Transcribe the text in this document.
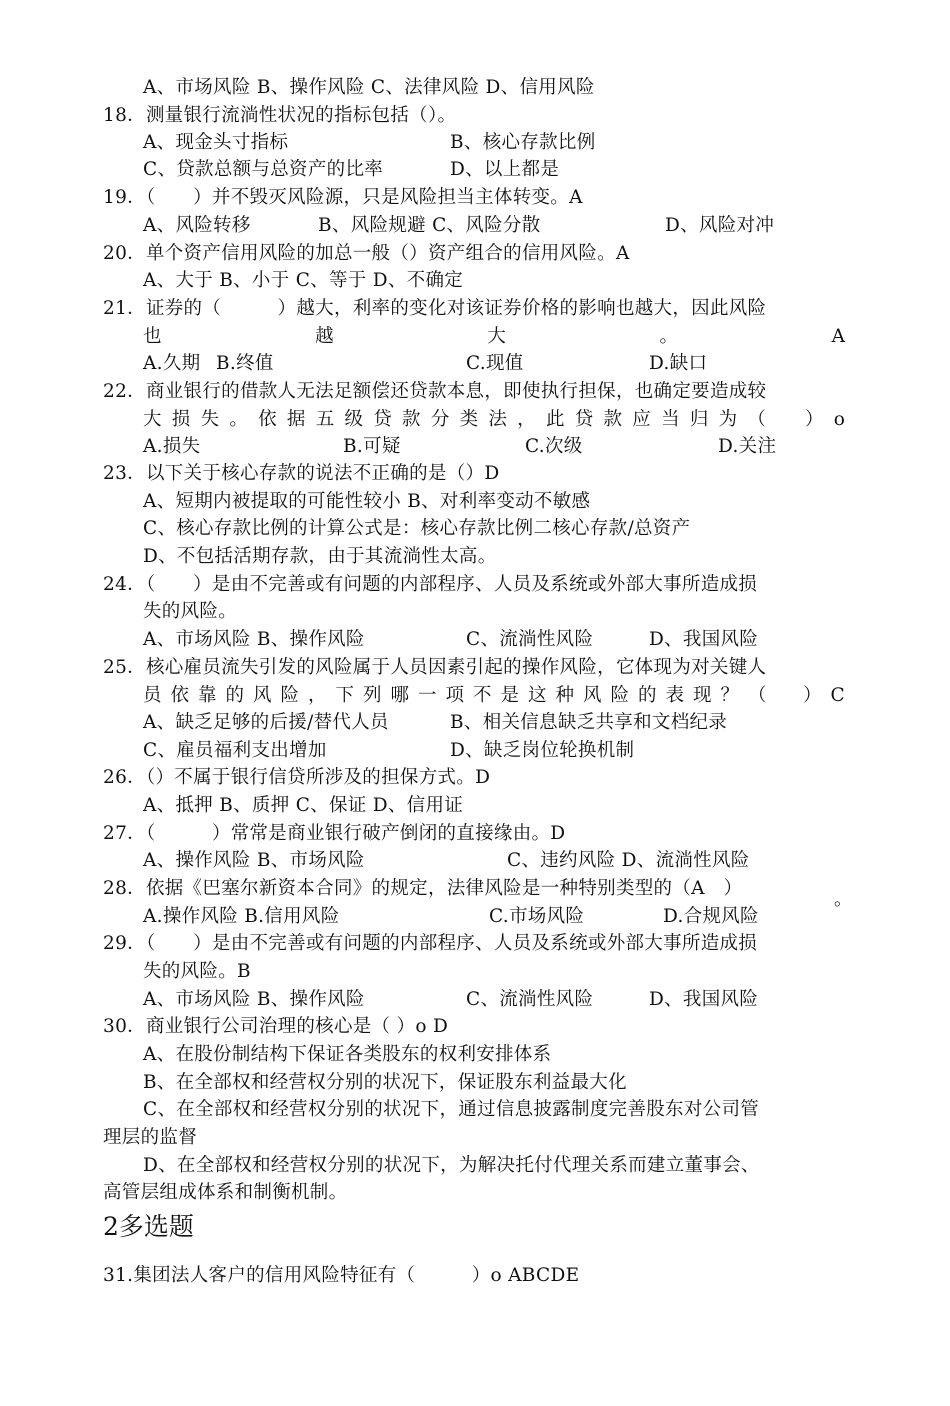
A、市场风险 B、操作风险 C、法律风险 D、信用风险
18．测量银行流淌性状况的指标包括（）。
A、现金头寸指标	B、核心存款比例
C、贷款总额与总资产的比率	D、以上都是
19．（　　）并不毁灭风险源，只是风险担当主体转变。A
A、风险转移	B、风险规避 C、风险分散	D、风险对冲
20．单个资产信用风险的加总一般（）资产组合的信用风险。A
A、大于 B、小于 C、等于 D、不确定
21．证券的（　　　）越大，利率的变化对该证券价格的影响也越大，因此风险
A.久期 B.终值	C.现值	D.缺口
22．商业银行的借款人无法足额偿还贷款本息，即使执行担保，也确定要造成较
A.损失	B.可疑	C.次级	D.关注
23．以下关于核心存款的说法不正确的是（）D
A、短期内被提取的可能性较小 B、对利率变动不敏感
C、核心存款比例的计算公式是：核心存款比例二核心存款/总资产
D、不包括活期存款，由于其流淌性太高。
24．（　　）是由不完善或有问题的内部程序、人员及系统或外部大事所造成损
失的风险。
A、市场风险 B、操作风险	C、流淌性风险	D、我国风险
25．核心雇员流失引发的风险属于人员因素引起的操作风险，它体现为对关键人
A、缺乏足够的后援/替代人员	B、相关信息缺乏共享和文档纪录
C、雇员福利支出增加	D、缺乏岗位轮换机制
26．（）不属于银行信贷所涉及的担保方式。D
A、抵押 B、质押 C、保证 D、信用证
27．（　　　）常常是商业银行破产倒闭的直接缘由。D
A、操作风险 B、市场风险	C、违约风险 D、流淌性风险
28．依据《巴塞尔新资本合同》的规定，法律风险是一种特别类型的（A　）
。
A.操作风险 B.信用风险	C.市场风险	D.合规风险
29．（　　）是由不完善或有问题的内部程序、人员及系统或外部大事所造成损
失的风险。B
A、市场风险 B、操作风险	C、流淌性风险	D、我国风险
30．商业银行公司治理的核心是（ ）o D
A、在股份制结构下保证各类股东的权利安排体系
B、在全部权和经营权分别的状况下，保证股东利益最大化
C、在全部权和经营权分别的状况下，通过信息披露制度完善股东对公司管
理层的监督
D、在全部权和经营权分别的状况下，为解决托付代理关系而建立董事会、
高管层组成体系和制衡机制。
2多选题
31.集团法人客户的信用风险特征有（　　　）o ABCDE
也	越	大	。	A
大 损 失 。 依 据 五 级 贷 款 分 类 法 ， 此 贷 款 应 当 归 为 （
　 ） o
员 依 靠 的 风 险 ， 下 列 哪 一 项 不 是 这 种 风 险 的 表 现 ？ （
　 ） C
